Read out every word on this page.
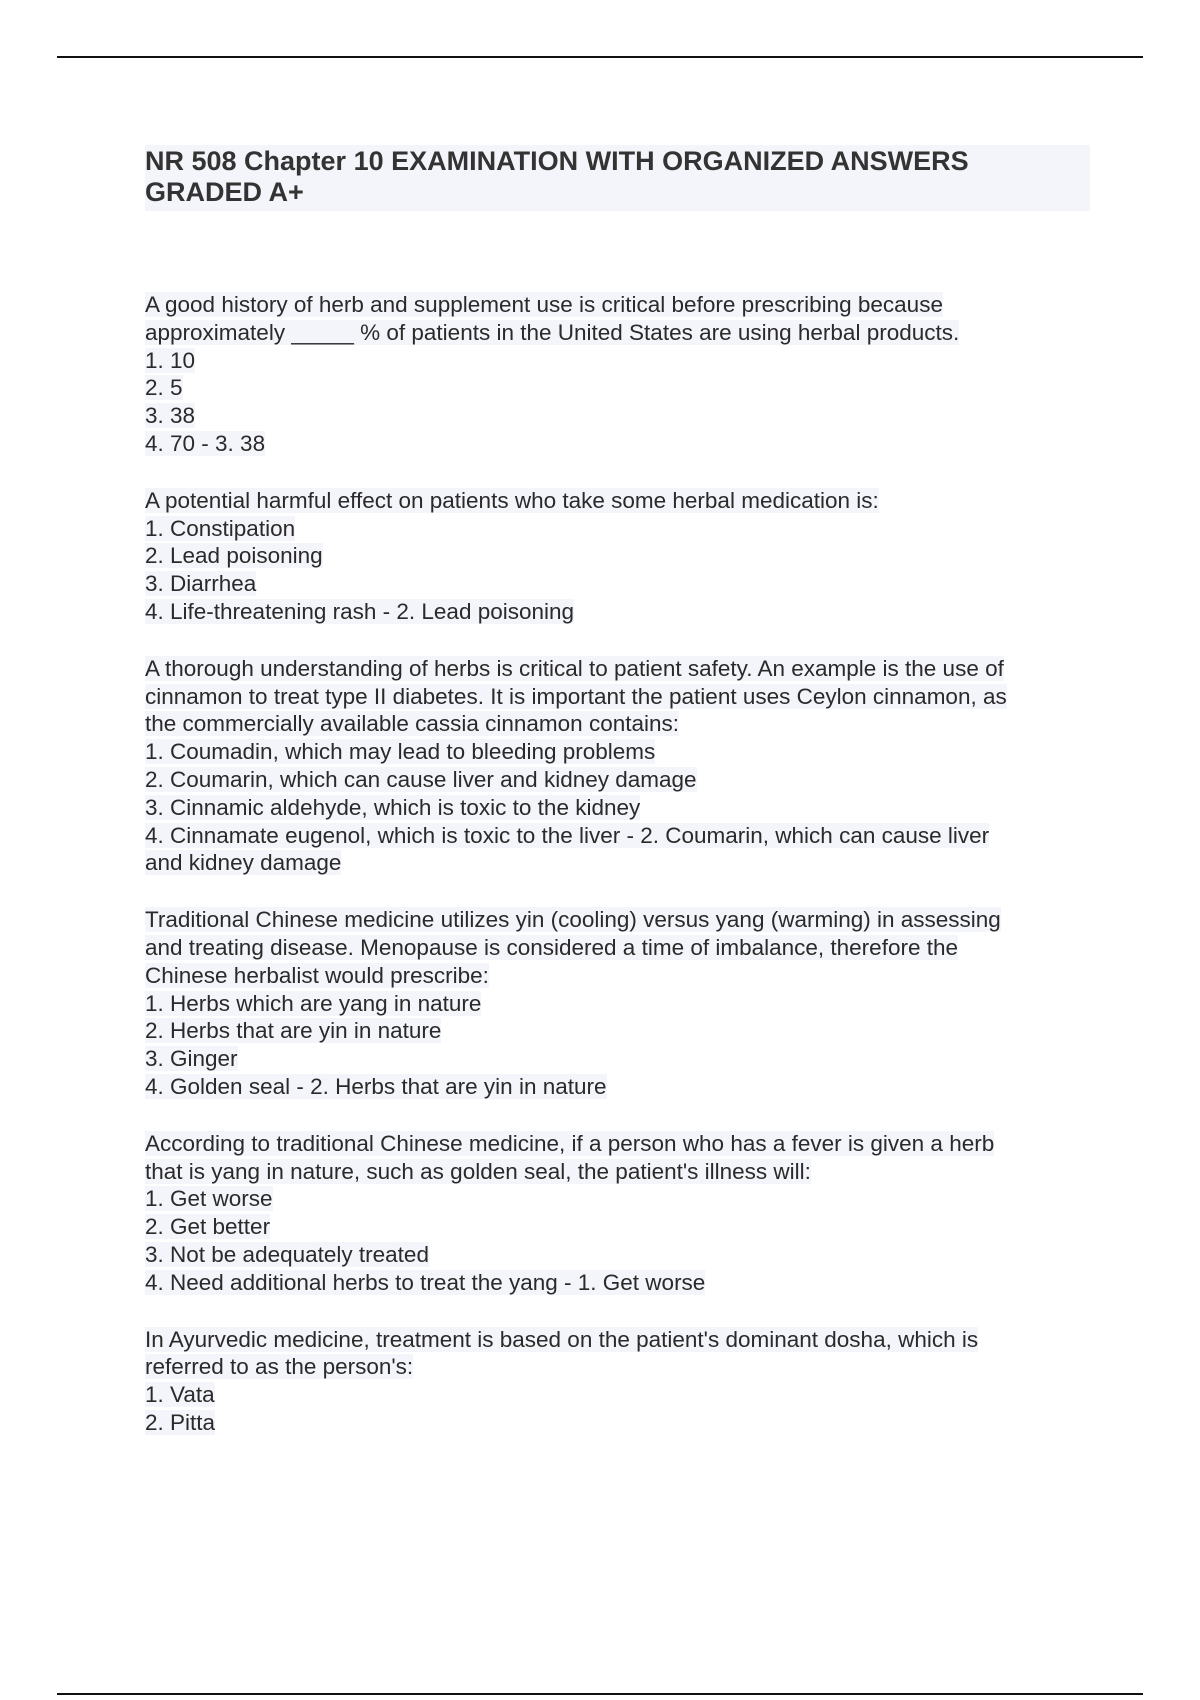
NR 508 Chapter 10 EXAMINATION WITH ORGANIZED ANSWERS GRADED A+
A good history of herb and supplement use is critical before prescribing because
approximately _____ % of patients in the United States are using herbal products.
1. 10
2. 5
3. 38
4. 70 - 3. 38
A potential harmful effect on patients who take some herbal medication is:
1. Constipation
2. Lead poisoning
3. Diarrhea
4. Life-threatening rash - 2. Lead poisoning
A thorough understanding of herbs is critical to patient safety. An example is the use of
cinnamon to treat type II diabetes. It is important the patient uses Ceylon cinnamon, as
the commercially available cassia cinnamon contains:
1. Coumadin, which may lead to bleeding problems
2. Coumarin, which can cause liver and kidney damage
3. Cinnamic aldehyde, which is toxic to the kidney
4. Cinnamate eugenol, which is toxic to the liver - 2. Coumarin, which can cause liver
and kidney damage
Traditional Chinese medicine utilizes yin (cooling) versus yang (warming) in assessing
and treating disease. Menopause is considered a time of imbalance, therefore the
Chinese herbalist would prescribe:
1. Herbs which are yang in nature
2. Herbs that are yin in nature
3. Ginger
4. Golden seal - 2. Herbs that are yin in nature
According to traditional Chinese medicine, if a person who has a fever is given a herb
that is yang in nature, such as golden seal, the patient's illness will:
1. Get worse
2. Get better
3. Not be adequately treated
4. Need additional herbs to treat the yang - 1. Get worse
In Ayurvedic medicine, treatment is based on the patient's dominant dosha, which is
referred to as the person's:
1. Vata
2. Pitta
